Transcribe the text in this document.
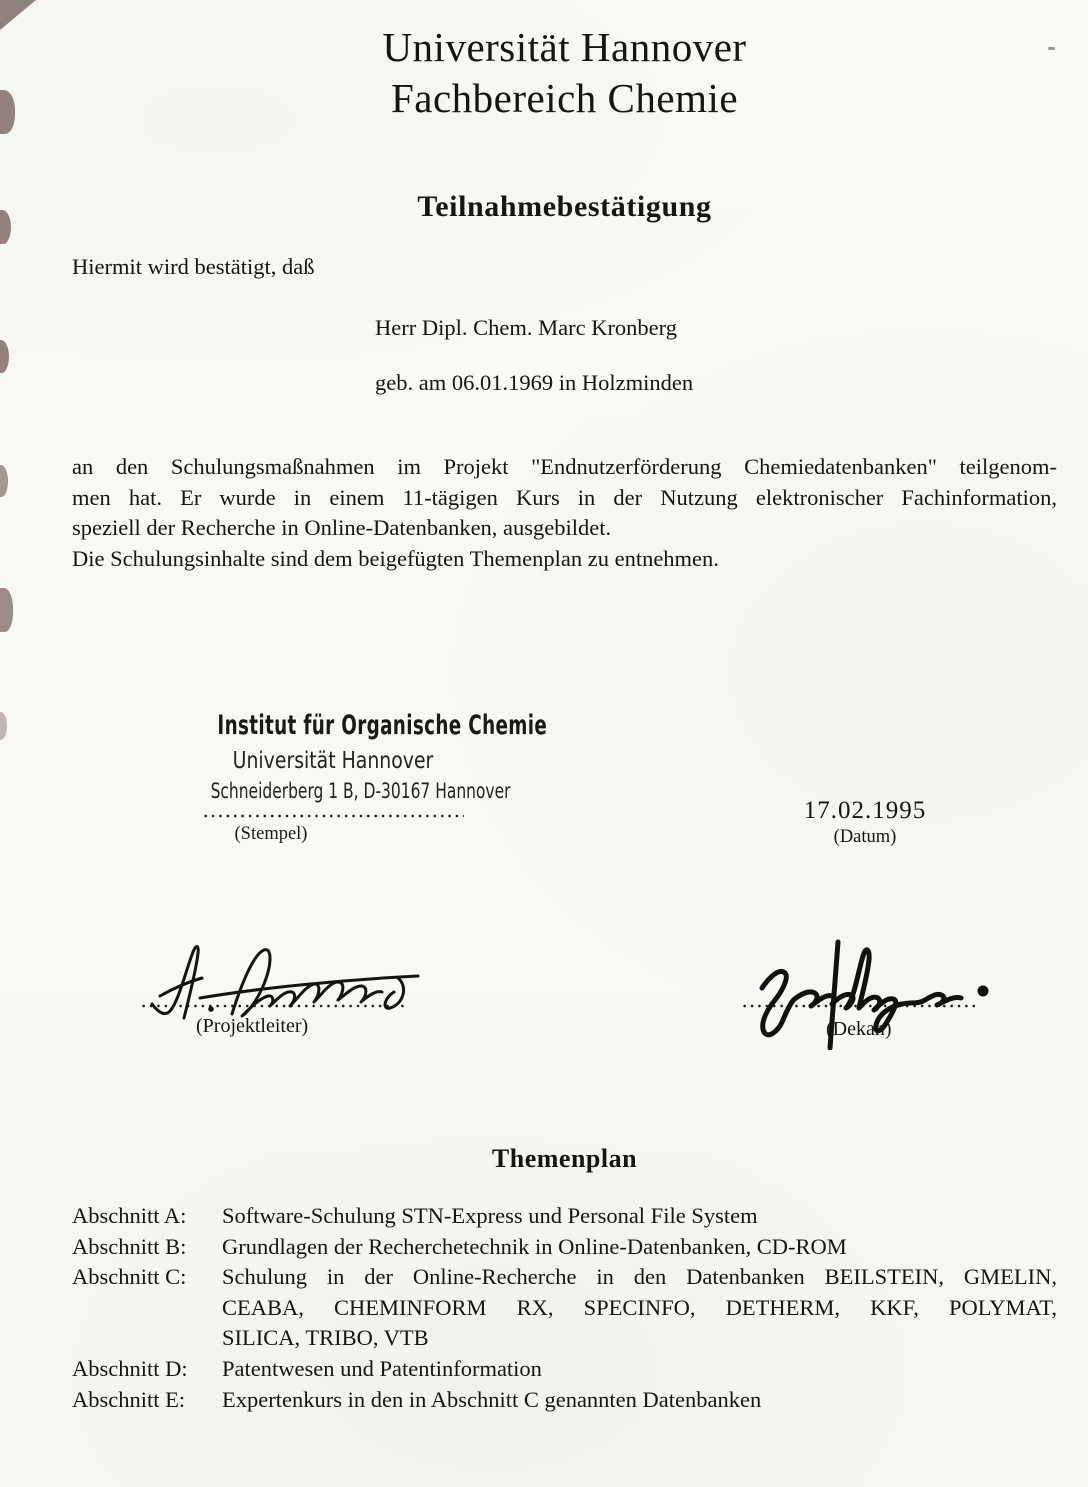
Universität Hannover
Fachbereich Chemie
Teilnahmebestätigung
Hiermit wird bestätigt, daß
Herr Dipl. Chem. Marc Kronberg
geb. am 06.01.1969 in Holzminden
an den Schulungsmaßnahmen im Projekt "Endnutzerförderung Chemiedatenbanken" teilgenom-
men hat. Er wurde in einem 11-tägigen Kurs in der Nutzung elektronischer Fachinformation,
speziell der Recherche in Online-Datenbanken, ausgebildet.
Die Schulungsinhalte sind dem beigefügten Themenplan zu entnehmen.
Institut für Organische Chemie
Universität Hannover
Schneiderberg 1 B, D-30167 Hannover
(Stempel)
17.02.1995
(Datum)
(Projektleiter)	(Dekan)
Themenplan
Abschnitt A:	Software-Schulung STN-Express und Personal File System
Abschnitt B:	Grundlagen der Recherchetechnik in Online-Datenbanken, CD-ROM
Abschnitt C:	Schulung in der Online-Recherche in den Datenbanken BEILSTEIN, GMELIN,
CEABA, CHEMINFORM RX, SPECINFO, DETHERM, KKF, POLYMAT,
SILICA, TRIBO, VTB
Abschnitt D:	Patentwesen und Patentinformation
Abschnitt E:	Expertenkurs in den in Abschnitt C genannten Datenbanken
